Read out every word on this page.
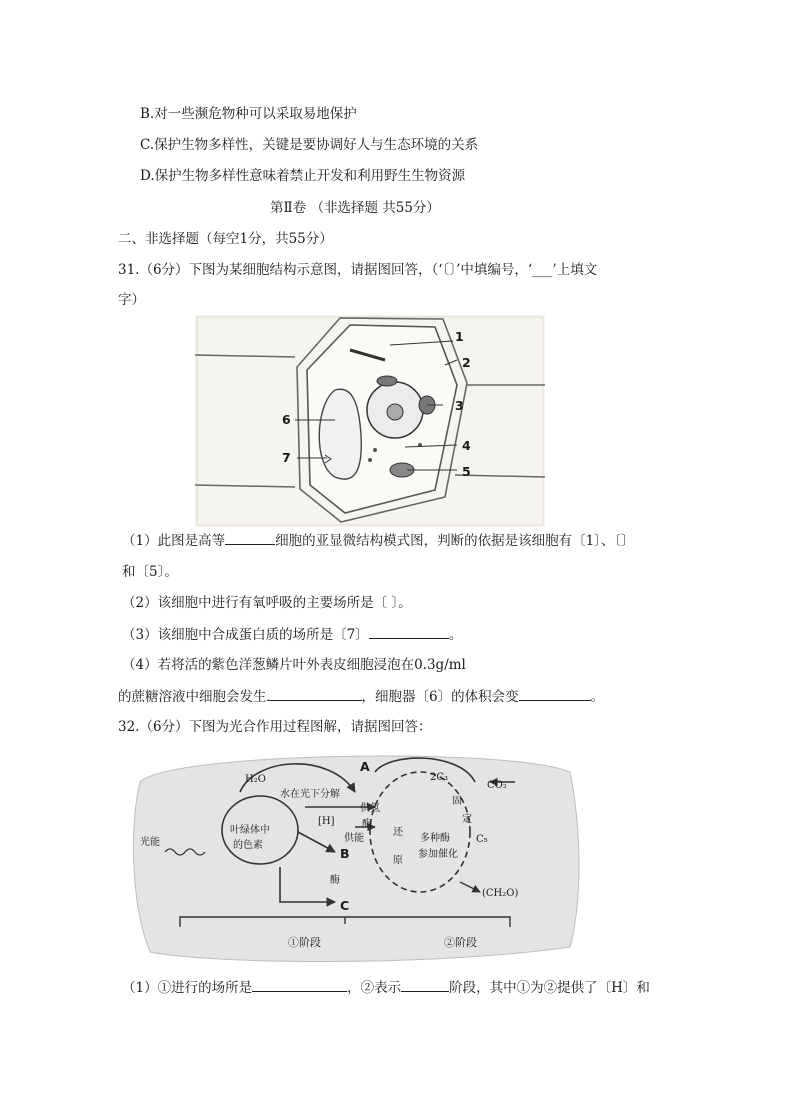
B.对一些濒危物种可以采取易地保护
C.保护生物多样性，关键是要协调好人与生态环境的关系
D.保护生物多样性意味着禁止开发和利用野生生物资源
第Ⅱ卷 （非选择题 共55分）
二、非选择题（每空1分，共55分）
31.（6分）下图为某细胞结构示意图，请据图回答，（‘〔〕’中填编号，‘___’上填文
字）
1
2
3
4
5
6
7
（1）此图是高等	细胞的亚显微结构模式图，判断的依据是该细胞有〔1〕、〔〕
和〔5〕。
（2）该细胞中进行有氧呼吸的主要场所是〔 〕。
（3）该细胞中合成蛋白质的场所是〔7〕	。
（4）若将活的紫色洋葱鳞片叶外表皮细胞浸泡在0.3g/ml
的蔗糖溶液中细胞会发生	，细胞器〔6〕的体积会变	。
32.（6分）下图为光合作用过程图解，请据图回答：
A
B
C
H₂O
水在光下分解
光能
叶绿体中
的色素
[H]
供氢
酶
供能
酶
还
原
2C₃
CO₂
固
定
C₅
多种酶
参加催化
(CH₂O)
①阶段	②阶段
（1）①进行的场所是	，②表示	阶段，其中①为②提供了〔H〕和
